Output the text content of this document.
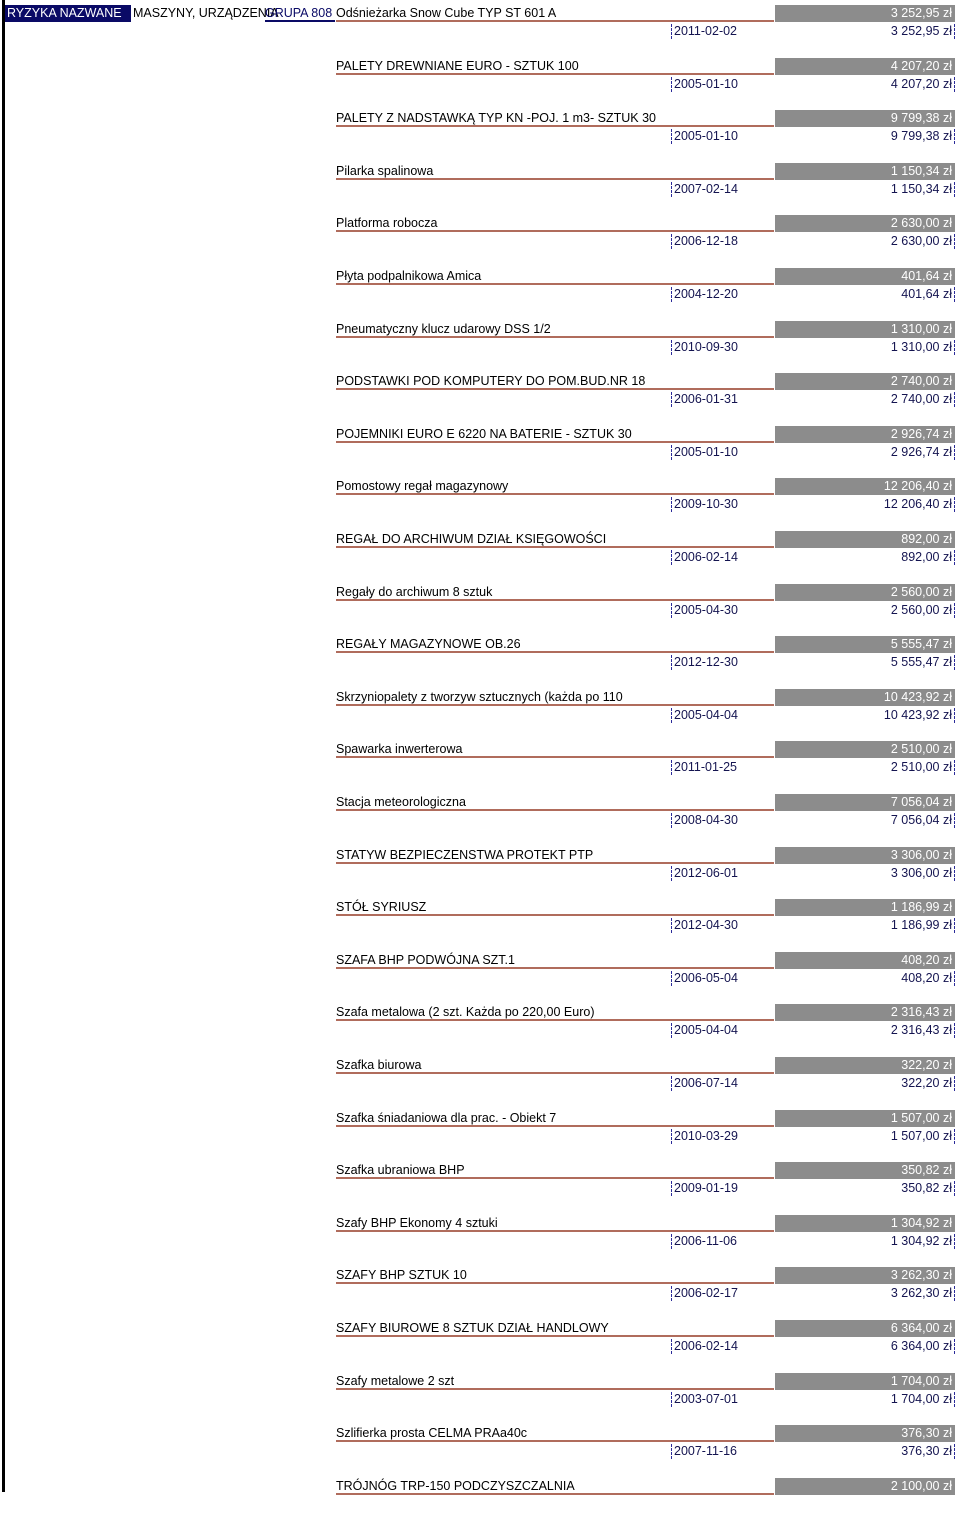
RYZYKA NAZWANE MASZYNY, URZĄDZENIA
GRUPA 808 Odśnieżarka Snow Cube TYP ST 601 A	3 252,95 zł
2011-02-02	3 252,95 zł
PALETY DREWNIANE EURO - SZTUK 100	4 207,20 zł
2005-01-10	4 207,20 zł
PALETY Z NADSTAWKĄ TYP KN -POJ. 1 m3- SZTUK 30	9 799,38 zł
2005-01-10	9 799,38 zł
Pilarka spalinowa	1 150,34 zł
2007-02-14	1 150,34 zł
Platforma robocza	2 630,00 zł
2006-12-18	2 630,00 zł
Płyta podpalnikowa Amica	401,64 zł
2004-12-20	401,64 zł
Pneumatyczny klucz udarowy DSS 1/2	1 310,00 zł
2010-09-30	1 310,00 zł
PODSTAWKI POD KOMPUTERY DO POM.BUD.NR 18	2 740,00 zł
2006-01-31	2 740,00 zł
POJEMNIKI EURO E 6220 NA BATERIE - SZTUK 30	2 926,74 zł
2005-01-10	2 926,74 zł
Pomostowy regał magazynowy	12 206,40 zł
2009-10-30	12 206,40 zł
REGAŁ DO ARCHIWUM DZIAŁ KSIĘGOWOŚCI	892,00 zł
2006-02-14	892,00 zł
Regały do archiwum 8 sztuk	2 560,00 zł
2005-04-30	2 560,00 zł
REGAŁY MAGAZYNOWE OB.26	5 555,47 zł
2012-12-30	5 555,47 zł
Skrzyniopalety z tworzyw sztucznych (każda po 110	10 423,92 zł
2005-04-04	10 423,92 zł
Spawarka inwerterowa	2 510,00 zł
2011-01-25	2 510,00 zł
Stacja meteorologiczna	7 056,04 zł
2008-04-30	7 056,04 zł
STATYW BEZPIECZENSTWA PROTEKT PTP	3 306,00 zł
2012-06-01	3 306,00 zł
STÓŁ SYRIUSZ	1 186,99 zł
2012-04-30	1 186,99 zł
SZAFA BHP PODWÓJNA SZT.1	408,20 zł
2006-05-04	408,20 zł
Szafa metalowa (2 szt. Każda po 220,00 Euro)	2 316,43 zł
2005-04-04	2 316,43 zł
Szafka biurowa	322,20 zł
2006-07-14	322,20 zł
Szafka śniadaniowa dla prac. - Obiekt 7	1 507,00 zł
2010-03-29	1 507,00 zł
Szafka ubraniowa BHP	350,82 zł
2009-01-19	350,82 zł
Szafy BHP Ekonomy 4 sztuki	1 304,92 zł
2006-11-06	1 304,92 zł
SZAFY BHP SZTUK 10	3 262,30 zł
2006-02-17	3 262,30 zł
SZAFY BIUROWE 8 SZTUK DZIAŁ HANDLOWY	6 364,00 zł
2006-02-14	6 364,00 zł
Szafy metalowe 2 szt	1 704,00 zł
2003-07-01	1 704,00 zł
Szlifierka prosta CELMA PRAa40c	376,30 zł
2007-11-16	376,30 zł
TRÓJNÓG TRP-150 PODCZYSZCZALNIA	2 100,00 zł
